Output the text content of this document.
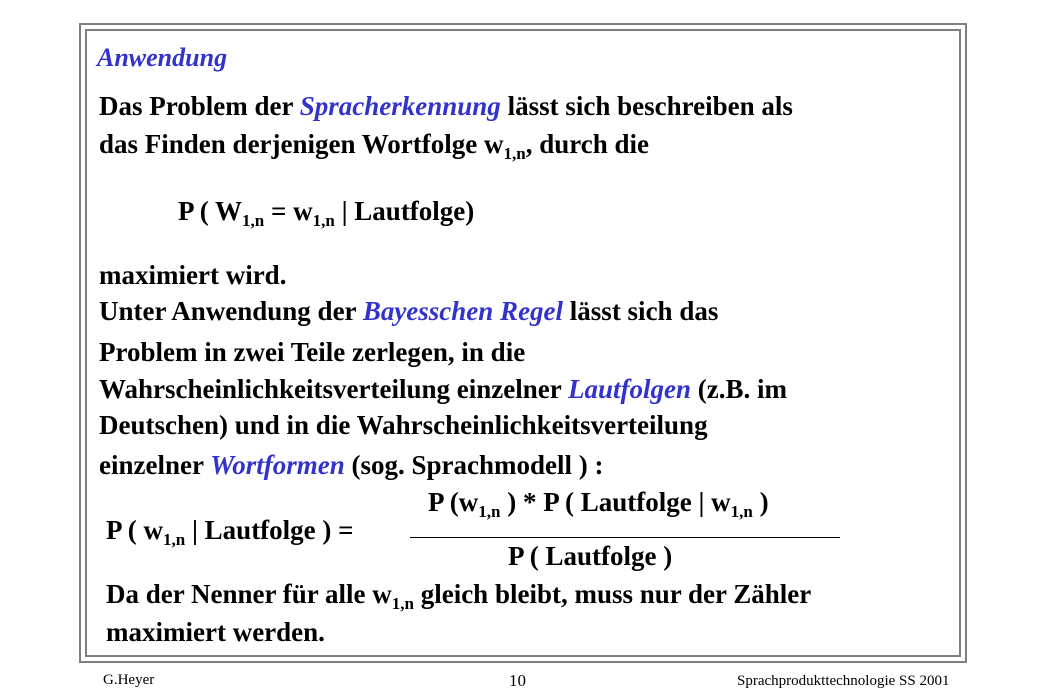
Anwendung
Das Problem der Spracherkennung lässt sich beschreiben als
das Finden derjenigen Wortfolge $w_{1,n}$, durch die
P ( $W_{1,n} = w_{1,n}$ | Lautfolge)
maximiert wird.
Unter Anwendung der Bayesschen Regel lässt sich das
Problem in zwei Teile zerlegen, in die
Wahrscheinlichkeitsverteilung einzelner Lautfolgen (z.B. im
Deutschen) und in die Wahrscheinlichkeitsverteilung
einzelner Wortformen (sog. Sprachmodell ) :
P ($w_{1,n}$ ) * P ( Lautfolge | $w_{1,n}$ )
P ( $w_{1,n}$ | Lautfolge ) =
P ( Lautfolge )
Da der Nenner für alle $w_{1,n}$ gleich bleibt, muss nur der Zähler
maximiert werden.
G.Heyer	10	Sprachprodukttechnologie SS 2001
